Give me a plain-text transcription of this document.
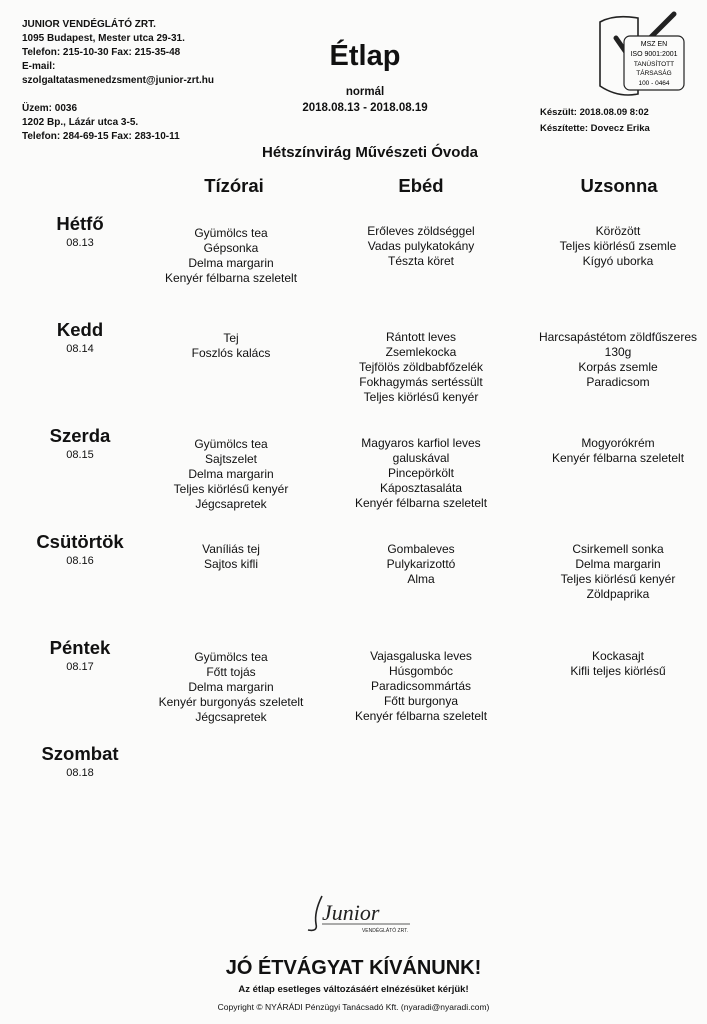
JUNIOR VENDÉGLÁTÓ ZRT.
1095 Budapest, Mester utca 29-31.
Telefon: 215-10-30 Fax: 215-35-48
E-mail:
szolgaltatasmenedzsment@junior-zrt.hu
Üzem: 0036
1202 Bp., Lázár utca 3-5.
Telefon: 284-69-15 Fax: 283-10-11
Étlap
normál
2018.08.13 - 2018.08.19
MSZ EN
ISO 9001:2001
TANÚSÍTOTT
TÁRSASÁG
100 - 0464
Készült: 2018.08.09 8:02
Készítette: Dovecz Erika
Hétszínvirág Művészeti Óvoda
Tízórai	Ebéd	Uzsonna
Hétfő
08.13
Gyümölcs tea
Gépsonka
Delma margarin
Kenyér félbarna szeletelt
Erőleves zöldséggel
Vadas pulykatokány
Tészta köret
Körözött
Teljes kiörlésű zsemle
Kígyó uborka
Kedd
08.14
Tej
Foszlós kalács
Rántott leves
Zsemlekocka
Tejfölös zöldbabfőzelék
Fokhagymás sertéssült
Teljes kiörlésű kenyér
Harcsapástétom zöldfűszeres
130g
Korpás zsemle
Paradicsom
Szerda
08.15
Gyümölcs tea
Sajtszelet
Delma margarin
Teljes kiörlésű kenyér
Jégcsapretek
Magyaros karfiol leves
galuskával
Pincepörkölt
Káposztasaláta
Kenyér félbarna szeletelt
Mogyorókrém
Kenyér félbarna szeletelt
Csütörtök
08.16
Vaníliás tej
Sajtos kifli
Gombaleves
Pulykarizottó
Alma
Csirkemell sonka
Delma margarin
Teljes kiörlésű kenyér
Zöldpaprika
Péntek
08.17
Gyümölcs tea
Főtt tojás
Delma margarin
Kenyér burgonyás szeletelt
Jégcsapretek
Vajasgaluska leves
Húsgombóc
Paradicsommártás
Főtt burgonya
Kenyér félbarna szeletelt
Kockasajt
Kifli teljes kiörlésű
Szombat
08.18
Junior
VENDÉGLÁTÓ ZRT.
JÓ ÉTVÁGYAT KÍVÁNUNK!
Az étlap esetleges változásáért elnézésüket kérjük!
Copyright © NYÁRÁDI Pénzügyi Tanácsadó Kft. (nyaradi@nyaradi.com)
